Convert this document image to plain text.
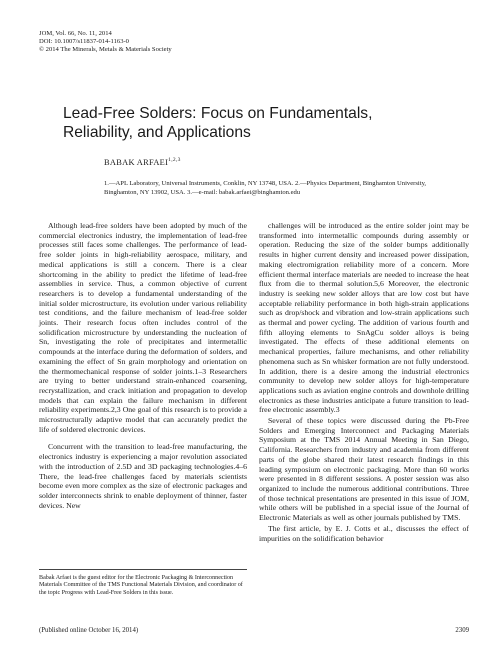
JOM, Vol. 66, No. 11, 2014
DOI: 10.1007/s11837-014-1163-0
© 2014 The Minerals, Metals & Materials Society
Lead-Free Solders: Focus on Fundamentals, Reliability, and Applications
BABAK ARFAEI$^{1,2,3}$
1.—APL Laboratory, Universal Instruments, Conklin, NY 13748, USA. 2.—Physics Department, Binghamton University, Binghamton, NY 13902, USA. 3.—e-mail: babak.arfaei@binghamton.edu

Although lead-free solders have been adopted by much of the commercial electronics industry, the implementation of lead-free processes still faces some challenges. The performance of lead-free solder joints in high-reliability aerospace, military, and medical applications is still a concern. There is a clear shortcoming in the ability to predict the lifetime of lead-free assemblies in service. Thus, a common objective of current researchers is to develop a fundamental understanding of the initial solder microstructure, its evolution under various reliability test conditions, and the failure mechanism of lead-free solder joints. Their research focus often includes control of the solidification microstructure by understanding the nucleation of Sn, investigating the role of precipitates and intermetallic compounds at the interface during the deformation of solders, and examining the effect of Sn grain morphology and orientation on the thermomechanical response of solder joints.1–3 Researchers are trying to better understand strain-enhanced coarsening, recrystallization, and crack initiation and propagation to develop models that can explain the failure mechanism in different reliability experiments.2,3 One goal of this research is to provide a microstructurally adaptive model that can accurately predict the life of soldered electronic devices.

Concurrent with the transition to lead-free manufacturing, the electronics industry is experiencing a major revolution associated with the introduction of 2.5D and 3D packaging technologies.4–6 There, the lead-free challenges faced by materials scientists become even more complex as the size of electronic packages and solder interconnects shrink to enable deployment of thinner, faster devices. New

challenges will be introduced as the entire solder joint may be transformed into intermetallic compounds during assembly or operation. Reducing the size of the solder bumps additionally results in higher current density and increased power dissipation, making electromigration reliability more of a concern. More efficient thermal interface materials are needed to increase the heat flux from die to thermal solution.5,6 Moreover, the electronic industry is seeking new solder alloys that are low cost but have acceptable reliability performance in both high-strain applications such as drop/shock and vibration and low-strain applications such as thermal and power cycling. The addition of various fourth and fifth alloying elements to SnAgCu solder alloys is being investigated. The effects of these additional elements on mechanical properties, failure mechanisms, and other reliability phenomena such as Sn whisker formation are not fully understood. In addition, there is a desire among the industrial electronics community to develop new solder alloys for high-temperature applications such as aviation engine controls and downhole drilling electronics as these industries anticipate a future transition to lead-free electronic assembly.3

Several of these topics were discussed during the Pb-Free Solders and Emerging Interconnect and Packaging Materials Symposium at the TMS 2014 Annual Meeting in San Diego, California. Researchers from industry and academia from different parts of the globe shared their latest research findings in this leading symposium on electronic packaging. More than 60 works were presented in 8 different sessions. A poster session was also organized to include the numerous additional contributions. Three of those technical presentations are presented in this issue of JOM, while others will be published in a special issue of the Journal of Electronic Materials as well as other journals published by TMS.

The first article, by E. J. Cotts et al., discusses the effect of impurities on the solidification behavior

Babak Arfaei is the guest editor for the Electronic Packaging & Interconnection Materials Committee of the TMS Functional Materials Division, and coordinator of the topic Progress with Lead-Free Solders in this issue.
(Published online October 16, 2014)	2309
